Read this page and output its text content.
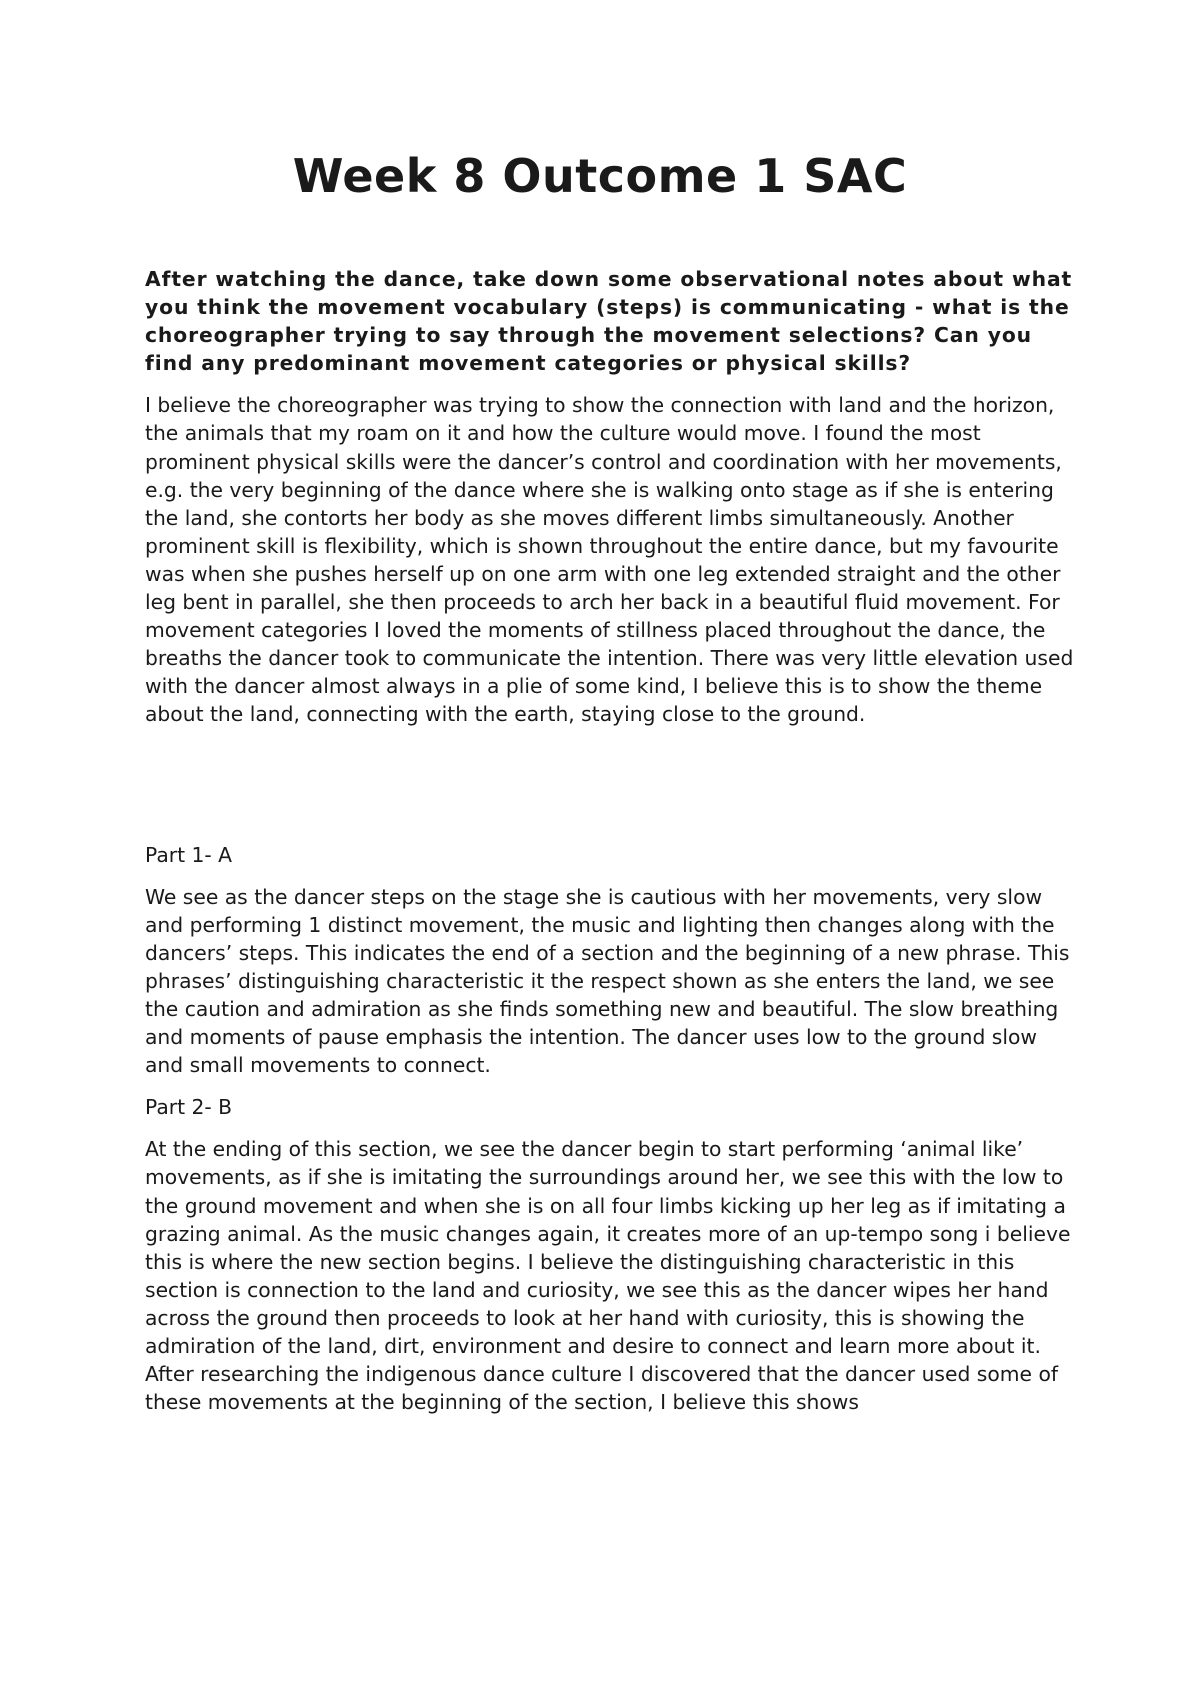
Week 8 Outcome 1 SAC

After watching the dance, take down some observational notes about what you think the movement vocabulary (steps) is communicating - what is the choreographer trying to say through the movement selections? Can you find any predominant movement categories or physical skills?

I believe the choreographer was trying to show the connection with land and the horizon, the animals that my roam on it and how the culture would move. I found the most prominent physical skills were the dancer’s control and coordination with her movements, e.g. the very beginning of the dance where she is walking onto stage as if she is entering the land, she contorts her body as she moves different limbs simultaneously. Another prominent skill is flexibility, which is shown throughout the entire dance, but my favourite was when she pushes herself up on one arm with one leg extended straight and the other leg bent in parallel, she then proceeds to arch her back in a beautiful fluid movement. For movement categories I loved the moments of stillness placed throughout the dance, the breaths the dancer took to communicate the intention. There was very little elevation used with the dancer almost always in a plie of some kind, I believe this is to show the theme about the land, connecting with the earth, staying close to the ground.

Part 1- A

We see as the dancer steps on the stage she is cautious with her movements, very slow and performing 1 distinct movement, the music and lighting then changes along with the dancers’ steps. This indicates the end of a section and the beginning of a new phrase. This phrases’ distinguishing characteristic it the respect shown as she enters the land, we see the caution and admiration as she finds something new and beautiful. The slow breathing and moments of pause emphasis the intention. The dancer uses low to the ground slow and small movements to connect.

Part 2- B

At the ending of this section, we see the dancer begin to start performing ‘animal like’ movements, as if she is imitating the surroundings around her, we see this with the low to the ground movement and when she is on all four limbs kicking up her leg as if imitating a grazing animal. As the music changes again, it creates more of an up-tempo song i believe this is where the new section begins. I believe the distinguishing characteristic in this section is connection to the land and curiosity, we see this as the dancer wipes her hand across the ground then proceeds to look at her hand with curiosity, this is showing the admiration of the land, dirt, environment and desire to connect and learn more about it. After researching the indigenous dance culture I discovered that the dancer used some of these movements at the beginning of the section, I believe this shows
